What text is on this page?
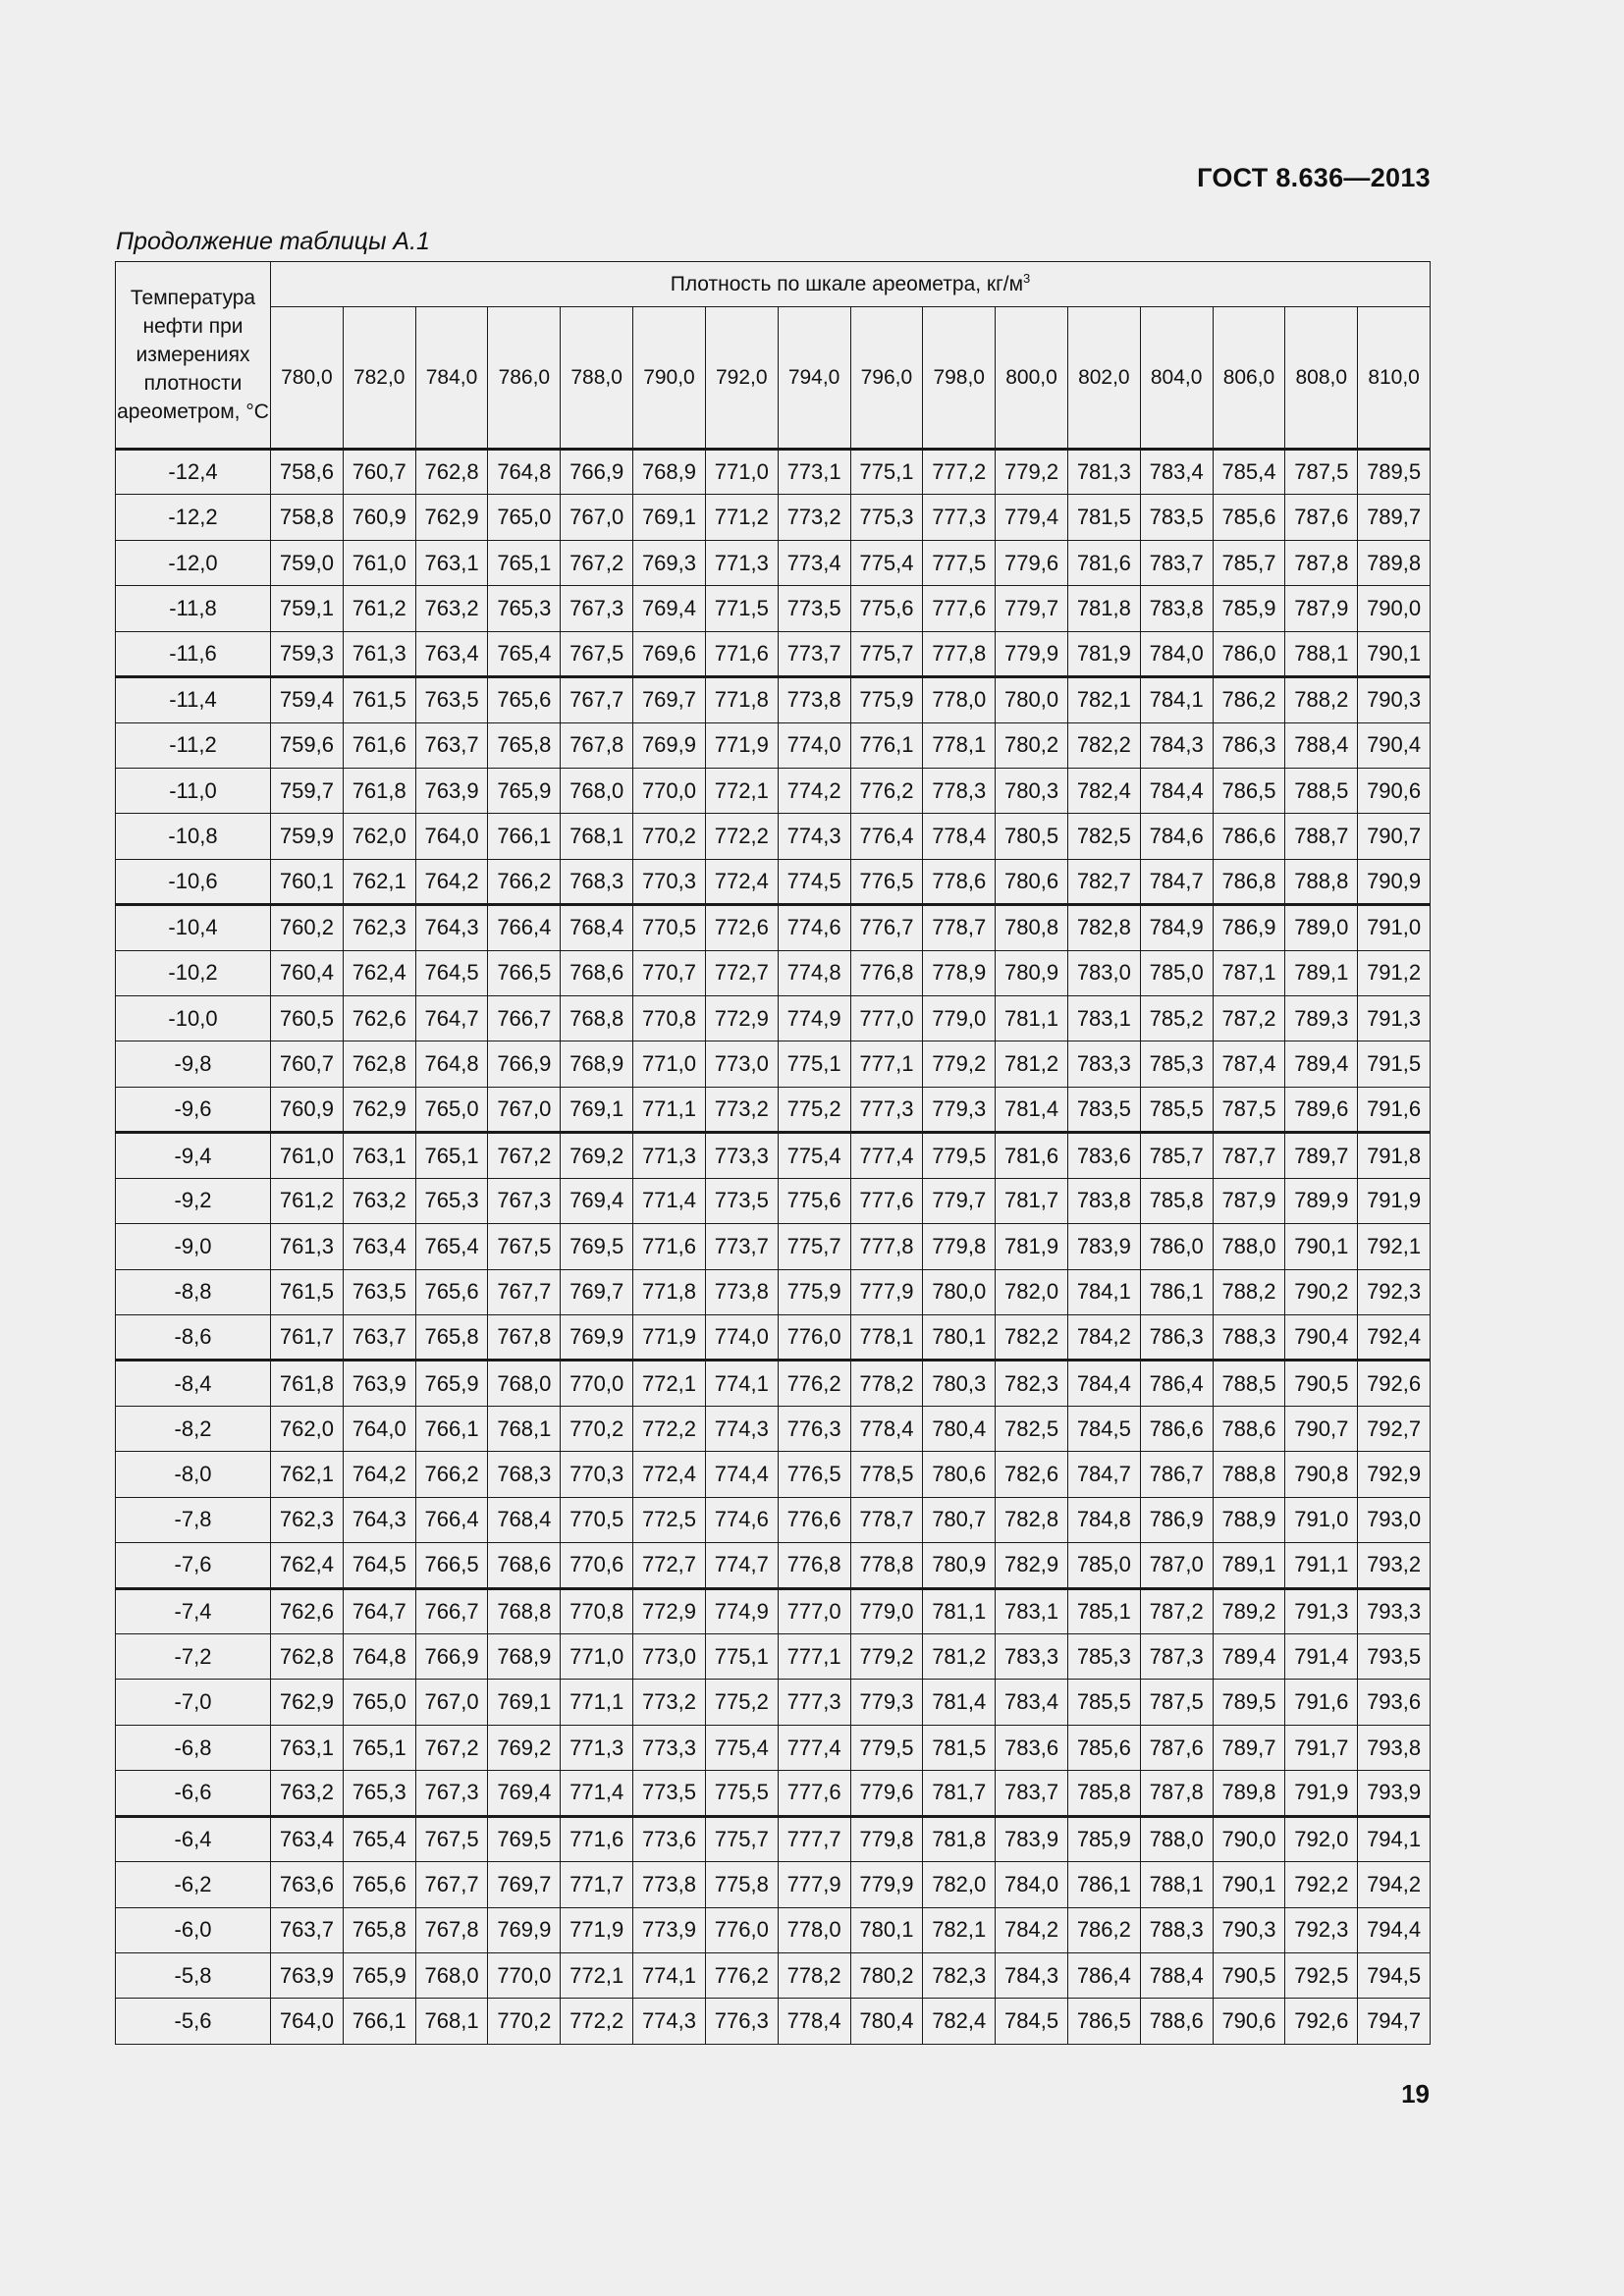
ГОСТ 8.636—2013
Продолжение таблицы А.1
Температура нефти при измерениях плотности ареометром, °С	Плотность по шкале ареометра, $кг/м^3$
	780,0	782,0	784,0	786,0	788,0	790,0	792,0	794,0	796,0	798,0	800,0	802,0	804,0	806,0	808,0	810,0
-12,4	758,6	760,7	762,8	764,8	766,9	768,9	771,0	773,1	775,1	777,2	779,2	781,3	783,4	785,4	787,5	789,5
-12,2	758,8	760,9	762,9	765,0	767,0	769,1	771,2	773,2	775,3	777,3	779,4	781,5	783,5	785,6	787,6	789,7
-12,0	759,0	761,0	763,1	765,1	767,2	769,3	771,3	773,4	775,4	777,5	779,6	781,6	783,7	785,7	787,8	789,8
-11,8	759,1	761,2	763,2	765,3	767,3	769,4	771,5	773,5	775,6	777,6	779,7	781,8	783,8	785,9	787,9	790,0
-11,6	759,3	761,3	763,4	765,4	767,5	769,6	771,6	773,7	775,7	777,8	779,9	781,9	784,0	786,0	788,1	790,1
-11,4	759,4	761,5	763,5	765,6	767,7	769,7	771,8	773,8	775,9	778,0	780,0	782,1	784,1	786,2	788,2	790,3
-11,2	759,6	761,6	763,7	765,8	767,8	769,9	771,9	774,0	776,1	778,1	780,2	782,2	784,3	786,3	788,4	790,4
-11,0	759,7	761,8	763,9	765,9	768,0	770,0	772,1	774,2	776,2	778,3	780,3	782,4	784,4	786,5	788,5	790,6
-10,8	759,9	762,0	764,0	766,1	768,1	770,2	772,2	774,3	776,4	778,4	780,5	782,5	784,6	786,6	788,7	790,7
-10,6	760,1	762,1	764,2	766,2	768,3	770,3	772,4	774,5	776,5	778,6	780,6	782,7	784,7	786,8	788,8	790,9
-10,4	760,2	762,3	764,3	766,4	768,4	770,5	772,6	774,6	776,7	778,7	780,8	782,8	784,9	786,9	789,0	791,0
-10,2	760,4	762,4	764,5	766,5	768,6	770,7	772,7	774,8	776,8	778,9	780,9	783,0	785,0	787,1	789,1	791,2
-10,0	760,5	762,6	764,7	766,7	768,8	770,8	772,9	774,9	777,0	779,0	781,1	783,1	785,2	787,2	789,3	791,3
-9,8	760,7	762,8	764,8	766,9	768,9	771,0	773,0	775,1	777,1	779,2	781,2	783,3	785,3	787,4	789,4	791,5
-9,6	760,9	762,9	765,0	767,0	769,1	771,1	773,2	775,2	777,3	779,3	781,4	783,5	785,5	787,5	789,6	791,6
-9,4	761,0	763,1	765,1	767,2	769,2	771,3	773,3	775,4	777,4	779,5	781,6	783,6	785,7	787,7	789,7	791,8
-9,2	761,2	763,2	765,3	767,3	769,4	771,4	773,5	775,6	777,6	779,7	781,7	783,8	785,8	787,9	789,9	791,9
-9,0	761,3	763,4	765,4	767,5	769,5	771,6	773,7	775,7	777,8	779,8	781,9	783,9	786,0	788,0	790,1	792,1
-8,8	761,5	763,5	765,6	767,7	769,7	771,8	773,8	775,9	777,9	780,0	782,0	784,1	786,1	788,2	790,2	792,3
-8,6	761,7	763,7	765,8	767,8	769,9	771,9	774,0	776,0	778,1	780,1	782,2	784,2	786,3	788,3	790,4	792,4
-8,4	761,8	763,9	765,9	768,0	770,0	772,1	774,1	776,2	778,2	780,3	782,3	784,4	786,4	788,5	790,5	792,6
-8,2	762,0	764,0	766,1	768,1	770,2	772,2	774,3	776,3	778,4	780,4	782,5	784,5	786,6	788,6	790,7	792,7
-8,0	762,1	764,2	766,2	768,3	770,3	772,4	774,4	776,5	778,5	780,6	782,6	784,7	786,7	788,8	790,8	792,9
-7,8	762,3	764,3	766,4	768,4	770,5	772,5	774,6	776,6	778,7	780,7	782,8	784,8	786,9	788,9	791,0	793,0
-7,6	762,4	764,5	766,5	768,6	770,6	772,7	774,7	776,8	778,8	780,9	782,9	785,0	787,0	789,1	791,1	793,2
-7,4	762,6	764,7	766,7	768,8	770,8	772,9	774,9	777,0	779,0	781,1	783,1	785,1	787,2	789,2	791,3	793,3
-7,2	762,8	764,8	766,9	768,9	771,0	773,0	775,1	777,1	779,2	781,2	783,3	785,3	787,3	789,4	791,4	793,5
-7,0	762,9	765,0	767,0	769,1	771,1	773,2	775,2	777,3	779,3	781,4	783,4	785,5	787,5	789,5	791,6	793,6
-6,8	763,1	765,1	767,2	769,2	771,3	773,3	775,4	777,4	779,5	781,5	783,6	785,6	787,6	789,7	791,7	793,8
-6,6	763,2	765,3	767,3	769,4	771,4	773,5	775,5	777,6	779,6	781,7	783,7	785,8	787,8	789,8	791,9	793,9
-6,4	763,4	765,4	767,5	769,5	771,6	773,6	775,7	777,7	779,8	781,8	783,9	785,9	788,0	790,0	792,0	794,1
-6,2	763,6	765,6	767,7	769,7	771,7	773,8	775,8	777,9	779,9	782,0	784,0	786,1	788,1	790,1	792,2	794,2
-6,0	763,7	765,8	767,8	769,9	771,9	773,9	776,0	778,0	780,1	782,1	784,2	786,2	788,3	790,3	792,3	794,4
-5,8	763,9	765,9	768,0	770,0	772,1	774,1	776,2	778,2	780,2	782,3	784,3	786,4	788,4	790,5	792,5	794,5
-5,6	764,0	766,1	768,1	770,2	772,2	774,3	776,3	778,4	780,4	782,4	784,5	786,5	788,6	790,6	792,6	794,7
19
